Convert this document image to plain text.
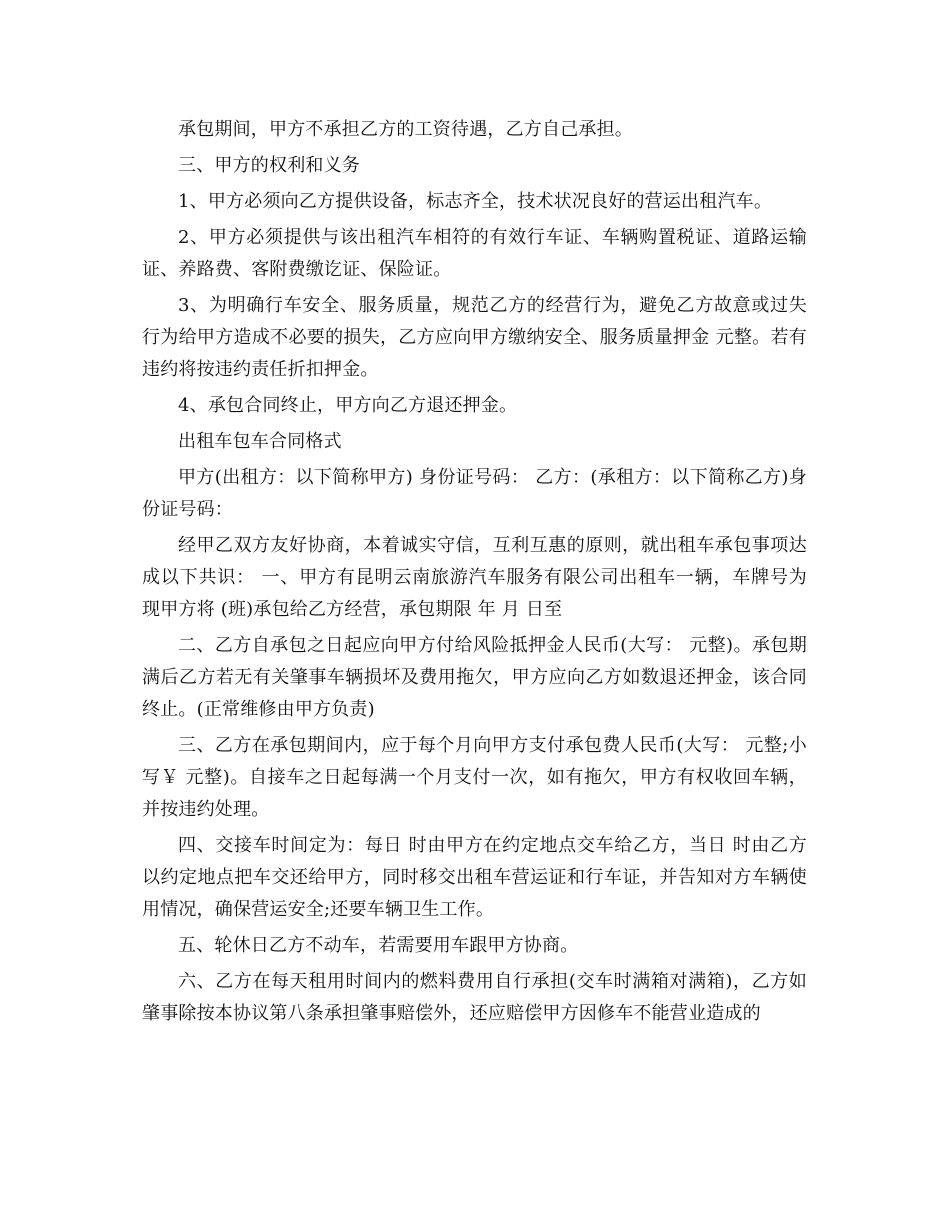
承包期间，甲方不承担乙方的工资待遇，乙方自己承担。

三、甲方的权利和义务

1、甲方必须向乙方提供设备，标志齐全，技术状况良好的营运出租汽车。

2、甲方必须提供与该出租汽车相符的有效行车证、车辆购置税证、道路运输证、养路费、客附费缴讫证、保险证。

3、为明确行车安全、服务质量，规范乙方的经营行为，避免乙方故意或过失行为给甲方造成不必要的损失，乙方应向甲方缴纳安全、服务质量押金 元整。若有违约将按违约责任折扣押金。

4、承包合同终止，甲方向乙方退还押金。

出租车包车合同格式

甲方(出租方：以下简称甲方) 身份证号码： 乙方：(承租方：以下简称乙方)身份证号码：

经甲乙双方友好协商，本着诚实守信，互利互惠的原则，就出租车承包事项达成以下共识： 一、甲方有昆明云南旅游汽车服务有限公司出租车一辆，车牌号为 现甲方将 (班)承包给乙方经营，承包期限 年 月 日至

二、乙方自承包之日起应向甲方付给风险抵押金人民币(大写： 元整)。承包期满后乙方若无有关肇事车辆损坏及费用拖欠，甲方应向乙方如数退还押金，该合同终止。(正常维修由甲方负责)

三、乙方在承包期间内，应于每个月向甲方支付承包费人民币(大写： 元整;小写￥ 元整)。自接车之日起每满一个月支付一次，如有拖欠，甲方有权收回车辆，并按违约处理。

四、交接车时间定为：每日 时由甲方在约定地点交车给乙方，当日 时由乙方以约定地点把车交还给甲方，同时移交出租车营运证和行车证，并告知对方车辆使用情况，确保营运安全;还要车辆卫生工作。

五、轮休日乙方不动车，若需要用车跟甲方协商。

六、乙方在每天租用时间内的燃料费用自行承担(交车时满箱对满箱)，乙方如肇事除按本协议第八条承担肇事赔偿外，还应赔偿甲方因修车不能营业造成的
